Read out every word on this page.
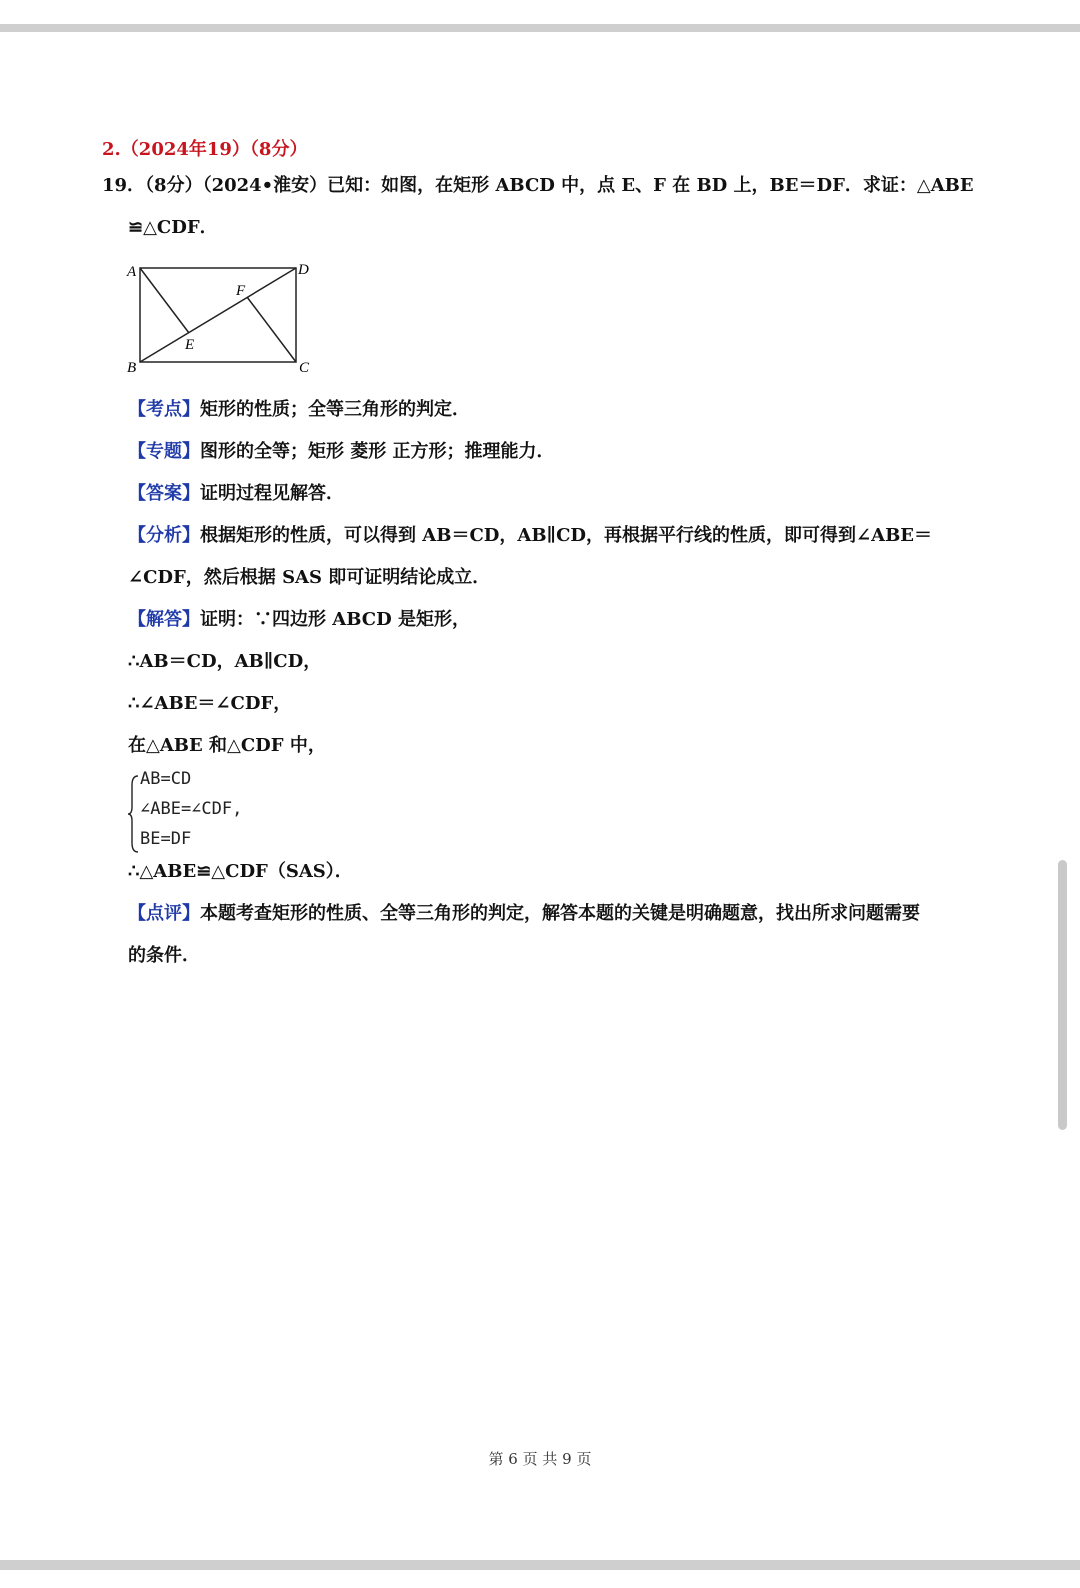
2.（2024年19）（8分）
19．（8分）（2024•淮安）已知：如图，在矩形 ABCD 中，点 E、F 在 BD 上，BE＝DF．求证：△ABE
≌△CDF．
A	D
B	C
E
F
【考点】矩形的性质；全等三角形的判定．
【专题】图形的全等；矩形 菱形 正方形；推理能力．
【答案】证明过程见解答．
【分析】根据矩形的性质，可以得到 AB＝CD，AB∥CD，再根据平行线的性质，即可得到∠ABE＝
∠CDF，然后根据 SAS 即可证明结论成立．
【解答】证明：∵四边形 ABCD 是矩形，
∴AB＝CD，AB∥CD，
∴∠ABE＝∠CDF，
在△ABE 和△CDF 中，
AB=CD
∠ABE=∠CDF,
BE=DF
∴△ABE≌△CDF（SAS）．
【点评】本题考查矩形的性质、全等三角形的判定，解答本题的关键是明确题意，找出所求问题需要
的条件．
第 6 页 共 9 页
